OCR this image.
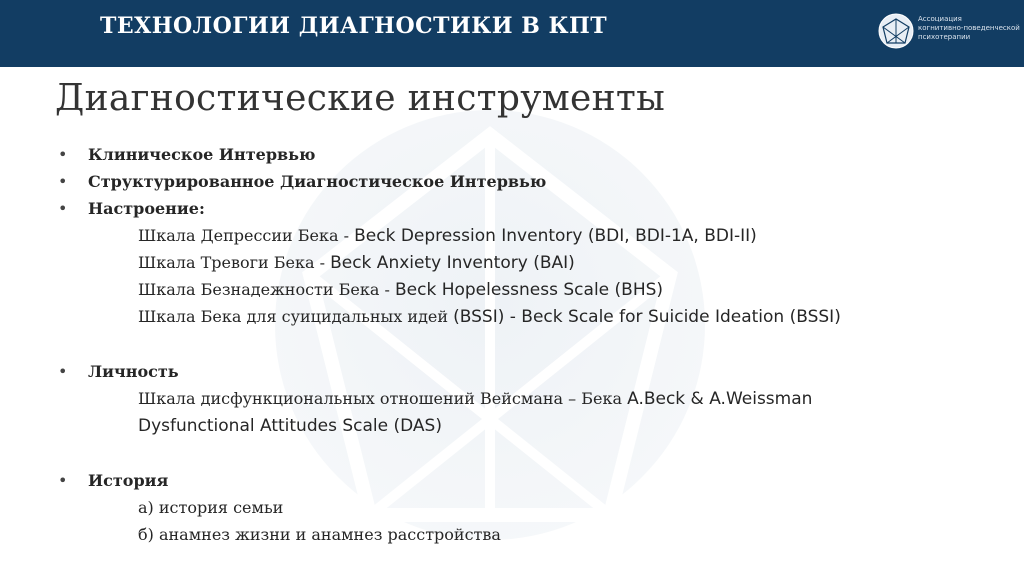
ТЕХНОЛОГИИ ДИАГНОСТИКИ В КПТ	Ассоциация
когнитивно-поведенческой
психотерапии
Диагностические инструменты
• Клиническое Интервью
• Структурированное Диагностическое Интервью
• Настроение:
Шкала Депрессии Бека - Beck Depression Inventory (BDI, BDI-1A, BDI-II)
Шкала Тревоги Бека - Beck Anxiety Inventory (BAI)
Шкала Безнадежности Бека - Beck Hopelessness Scale (BHS)
Шкала Бека для суицидальных идей (BSSI) - Beck Scale for Suicide Ideation (BSSI)
• Личность
Шкала дисфункциональных отношений Вейсмана – Бека A.Beck & A.Weissman
Dysfunctional Attitudes Scale (DAS)
• История
а) история семьи
б) анамнез жизни и анамнез расстройства
